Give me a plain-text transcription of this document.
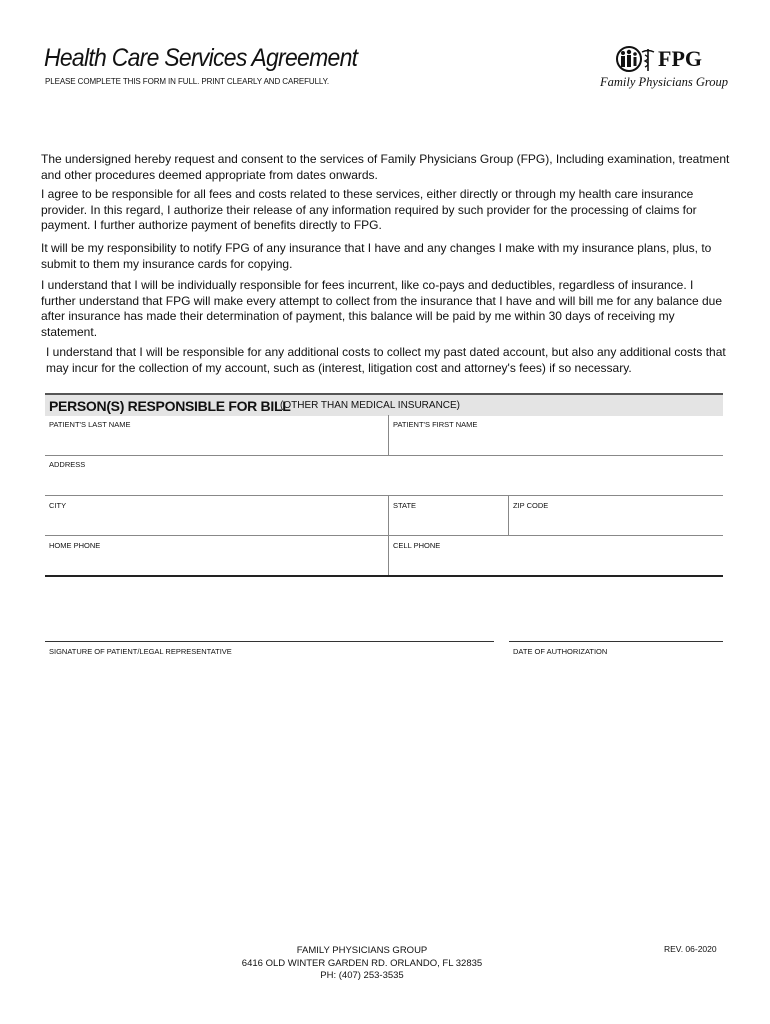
Health Care Services Agreement
PLEASE COMPLETE THIS FORM IN FULL. PRINT CLEARLY AND CAREFULLY.
FPG
Family Physicians Group

The undersigned hereby request and consent to the services of Family Physicians Group (FPG), Including examination, treatment and other procedures deemed appropriate from dates onwards.

I agree to be responsible for all fees and costs related to these services, either directly or through my health care insurance provider. In this regard, I authorize their release of any information required by such provider for the processing of claims for payment. I further authorize payment of benefits directly to FPG.

It will be my responsibility to notify FPG of any insurance that I have and any changes I make with my insurance plans, plus, to submit to them my insurance cards for copying.

I understand that I will be individually responsible for fees incurrent, like co-pays and deductibles, regardless of insurance. I further understand that FPG will make every attempt to collect from the insurance that I have and will bill me for any balance due after insurance has made their determination of payment, this balance will be paid by me within 30 days of receiving my statement.

I understand that I will be responsible for any additional costs to collect my past dated account, but also any additional costs that may incur for the collection of my account, such as (interest, litigation cost and attorney's fees) if so necessary.

PERSON(S) RESPONSIBLE FOR BILL
(OTHER THAN MEDICAL INSURANCE)
PATIENT'S LAST NAME	PATIENT'S FIRST NAME
ADDRESS
CITY	STATE	ZIP CODE
HOME PHONE	CELL PHONE
SIGNATURE OF PATIENT/LEGAL REPRESENTATIVE	DATE OF AUTHORIZATION
FAMILY PHYSICIANS GROUP
6416 OLD WINTER GARDEN RD. ORLANDO, FL 32835
PH: (407) 253-3535
REV. 06-2020
